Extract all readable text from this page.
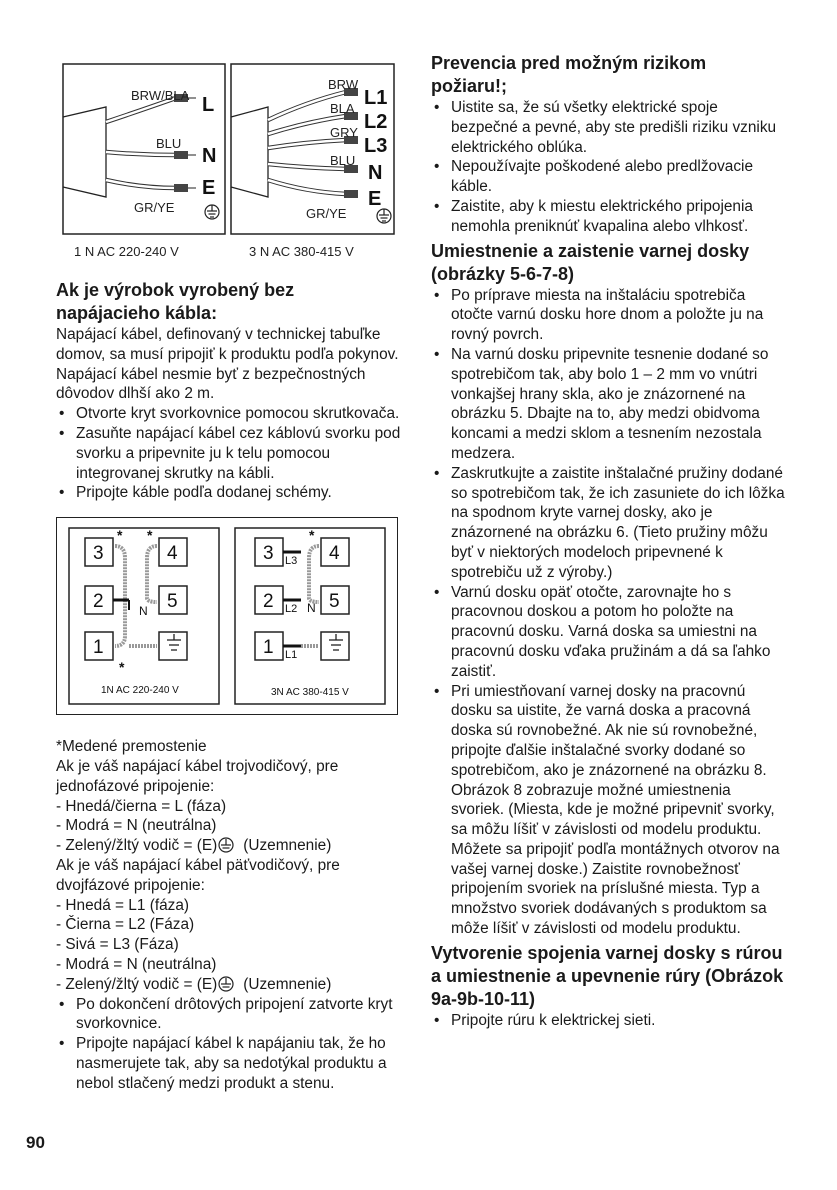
BRW/BLA
BLU
GR/YE
L
N
E
BRW
BLA
GRY
BLU
GR/YE
L1
L2
L3
N
E
1 N AC 220-240 V	3 N AC 380-415 V

Ak je výrobok vyrobený bez napájacieho kábla:

Napájací kábel, definovaný v technickej tabuľke domov, sa musí pripojiť k produktu podľa pokynov. Napájací kábel nesmie byť z bezpečnostných dôvodov dlhší ako 2 m.

• Otvorte kryt svorkovnice pomocou skrutkovača.
• Zasuňte napájací kábel cez káblovú svorku pod svorku a pripevnite ju k telu pomocou integrovanej skrutky na kábli.
• Pripojte káble podľa dodanej schémy.
3	4
2	5
1
* *
*
N
1N AC 220-240 V
3	4
2	5
1
*
L3
L2
L1
N
3N AC 380-415 V

*Medené premostenie

Ak je váš napájací kábel trojvodičový, pre jednofázové pripojenie:

- Hnedá/čierna = L (fáza)

- Modrá = N (neutrálna)

- Zelený/žltý vodič = (E) (Uzemnenie)

Ak je váš napájací kábel päťvodičový, pre dvojfázové pripojenie:

- Hnedá = L1 (fáza)

- Čierna = L2 (Fáza)

- Sivá = L3 (Fáza)

- Modrá = N (neutrálna)

- Zelený/žltý vodič = (E) (Uzemnenie)

• Po dokončení drôtových pripojení zatvorte kryt svorkovnice.
• Pripojte napájací kábel k napájaniu tak, že ho nasmerujete tak, aby sa nedotýkal produktu a nebol stlačený medzi produkt a stenu.

Prevencia pred možným rizikom požiaru!;

• Uistite sa, že sú všetky elektrické spoje bezpečné a pevné, aby ste predišli riziku vzniku elektrického oblúka.
• Nepoužívajte poškodené alebo predlžovacie káble.
• Zaistite, aby k miestu elektrického pripojenia nemohla preniknúť kvapalina alebo vlhkosť.

Umiestnenie a zaistenie varnej dosky (obrázky 5-6-7-8)

• Po príprave miesta na inštaláciu spotrebiča otočte varnú dosku hore dnom a položte ju na rovný povrch.
• Na varnú dosku pripevnite tesnenie dodané so spotrebičom tak, aby bolo 1 – 2 mm vo vnútri vonkajšej hrany skla, ako je znázornené na obrázku 5. Dbajte na to, aby medzi obidvoma koncami a medzi sklom a tesnením nezostala medzera.
• Zaskrutkujte a zaistite inštalačné pružiny dodané so spotrebičom tak, že ich zasuniete do ich lôžka na spodnom kryte varnej dosky, ako je znázornené na obrázku 6. (Tieto pružiny môžu byť v niektorých modeloch pripevnené k spotrebiču už z výroby.)
• Varnú dosku opäť otočte, zarovnajte ho s pracovnou doskou a potom ho položte na pracovnú dosku. Varná doska sa umiestni na pracovnú dosku vďaka pružinám a dá sa ľahko zaistiť.
• Pri umiestňovaní varnej dosky na pracovnú dosku sa uistite, že varná doska a pracovná doska sú rovnobežné. Ak nie sú rovnobežné, pripojte ďalšie inštalačné svorky dodané so spotrebičom, ako je znázornené na obrázku 8. Obrázok 8 zobrazuje možné umiestnenia svoriek. (Miesta, kde je možné pripevniť svorky, sa môžu líšiť v závislosti od modelu produktu. Môžete sa pripojiť podľa montážnych otvorov na vašej varnej doske.) Zaistite rovnobežnosť pripojením svoriek na príslušné miesta. Typ a množstvo svoriek dodávaných s produktom sa môže líšiť v závislosti od modelu produktu.

Vytvorenie spojenia varnej dosky s rúrou a umiestnenie a upevnenie rúry (Obrázok 9a-9b-10-11)

• Pripojte rúru k elektrickej sieti.
90
